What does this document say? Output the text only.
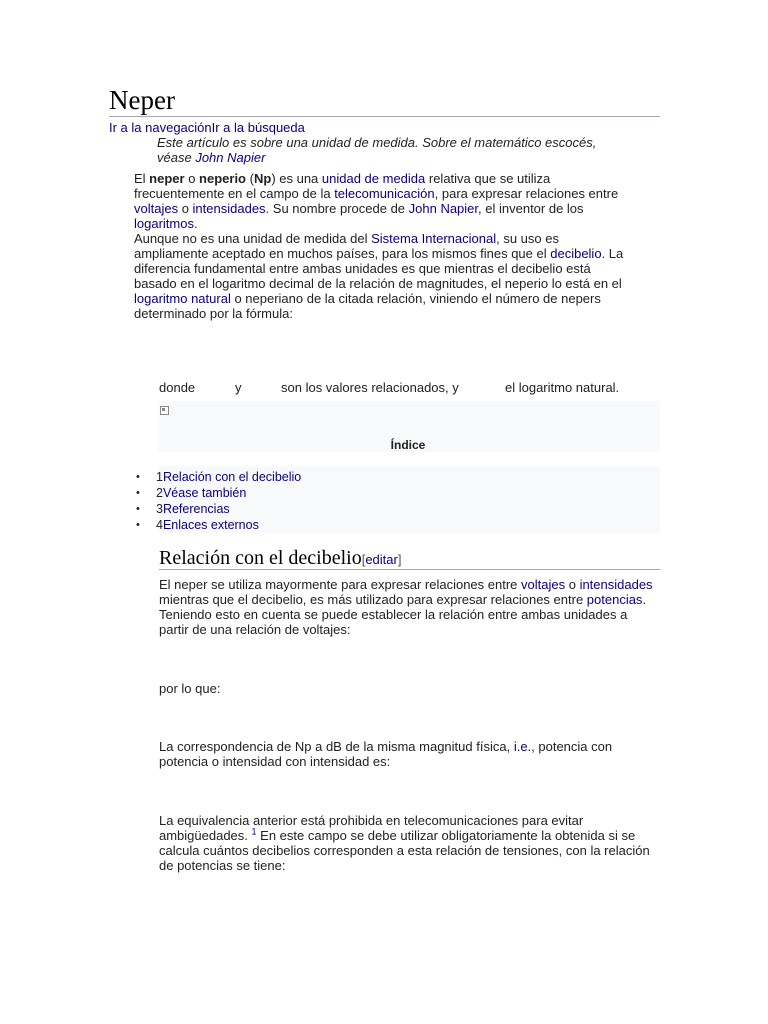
Neper
Ir a la navegaciónIr a la búsqueda
Este artículo es sobre una unidad de medida. Sobre el matemático escocés, véase John Napier
El neper o neperio (Np) es una unidad de medida relativa que se utiliza frecuentemente en el campo de la telecomunicación, para expresar relaciones entre voltajes o intensidades. Su nombre procede de John Napier, el inventor de los logaritmos.
Aunque no es una unidad de medida del Sistema Internacional, su uso es ampliamente aceptado en muchos países, para los mismos fines que el decibelio. La diferencia fundamental entre ambas unidades es que mientras el decibelio está basado en el logaritmo decimal de la relación de magnitudes, el neperio lo está en el logaritmo natural o neperiano de la citada relación, viniendo el número de nepers determinado por la fórmula:
donde	y	son los valores relacionados, y	el logaritmo natural.
Índice
• 1Relación con el decibelio
• 2Véase también
• 3Referencias
• 4Enlaces externos
Relación con el decibelio[editar]
El neper se utiliza mayormente para expresar relaciones entre voltajes o intensidades mientras que el decibelio, es más utilizado para expresar relaciones entre potencias. Teniendo esto en cuenta se puede establecer la relación entre ambas unidades a partir de una relación de voltajes:
por lo que:
La correspondencia de Np a dB de la misma magnitud física, i.e., potencia con potencia o intensidad con intensidad es:
La equivalencia anterior está prohibida en telecomunicaciones para evitar ambigüedades. $^1$ En este campo se debe utilizar obligatoriamente la obtenida si se calcula cuántos decibelios corresponden a esta relación de tensiones, con la relación de potencias se tiene:
